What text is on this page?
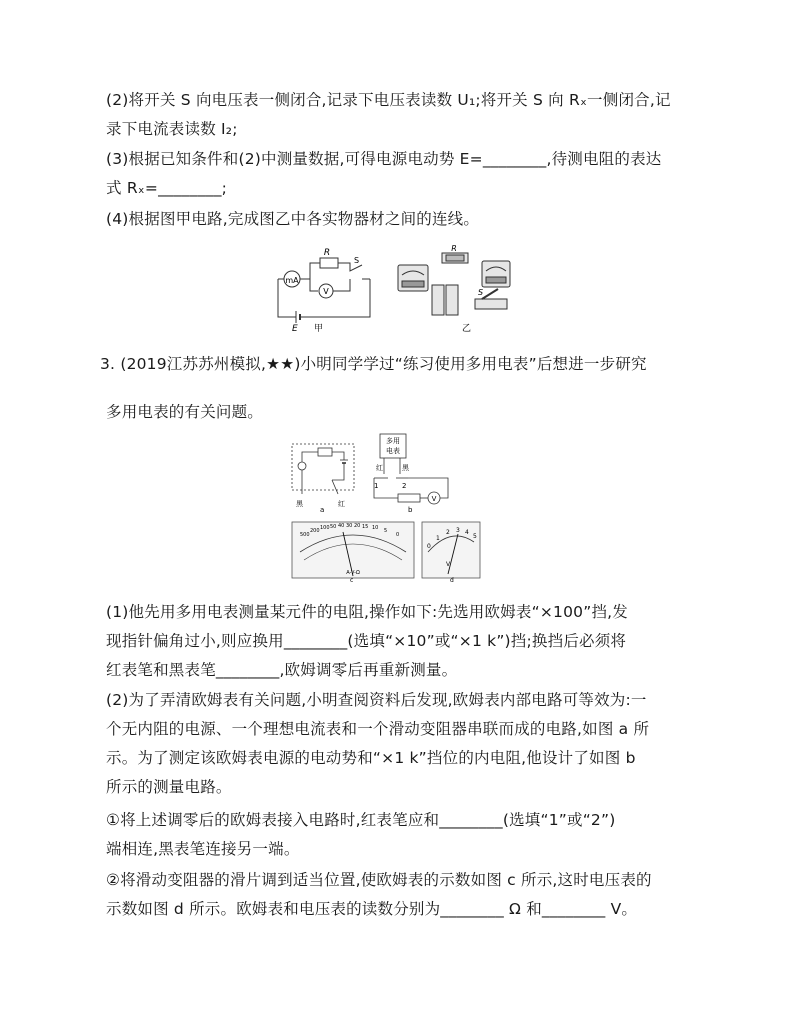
(2)将开关 S 向电压表一侧闭合,记录下电压表读数 U₁;将开关 S 向 Rₓ一侧闭合,记
录下电流表读数 I₂;
(3)根据已知条件和(2)中测量数据,可得电源电动势 E=________,待测电阻的表达
式 Rₓ=________;
(4)根据图甲电路,完成图乙中各实物器材之间的连线。
mA
R
V
S
E 甲
R
S
乙
3. (2019江苏苏州模拟,★★)小明同学学过“练习使用多用电表”后想进一步研究
多用电表的有关问题。
黑	红
a
多用
电表
红	黑
1	2
V
b
500
200 100 50 40 30 20 15 10 5
0
A-V-Ω
c
0
1
2 3 4
5
V
d
(1)他先用多用电表测量某元件的电阻,操作如下:先选用欧姆表“×100”挡,发
现指针偏角过小,则应换用________(选填“×10”或“×1 k”)挡;换挡后必须将
红表笔和黑表笔________,欧姆调零后再重新测量。
(2)为了弄清欧姆表有关问题,小明查阅资料后发现,欧姆表内部电路可等效为:一
个无内阻的电源、一个理想电流表和一个滑动变阻器串联而成的电路,如图 a 所
示。为了测定该欧姆表电源的电动势和“×1 k”挡位的内电阻,他设计了如图 b
所示的测量电路。
①将上述调零后的欧姆表接入电路时,红表笔应和________(选填“1”或“2”)
端相连,黑表笔连接另一端。
②将滑动变阻器的滑片调到适当位置,使欧姆表的示数如图 c 所示,这时电压表的
示数如图 d 所示。欧姆表和电压表的读数分别为________ Ω 和________ V。
